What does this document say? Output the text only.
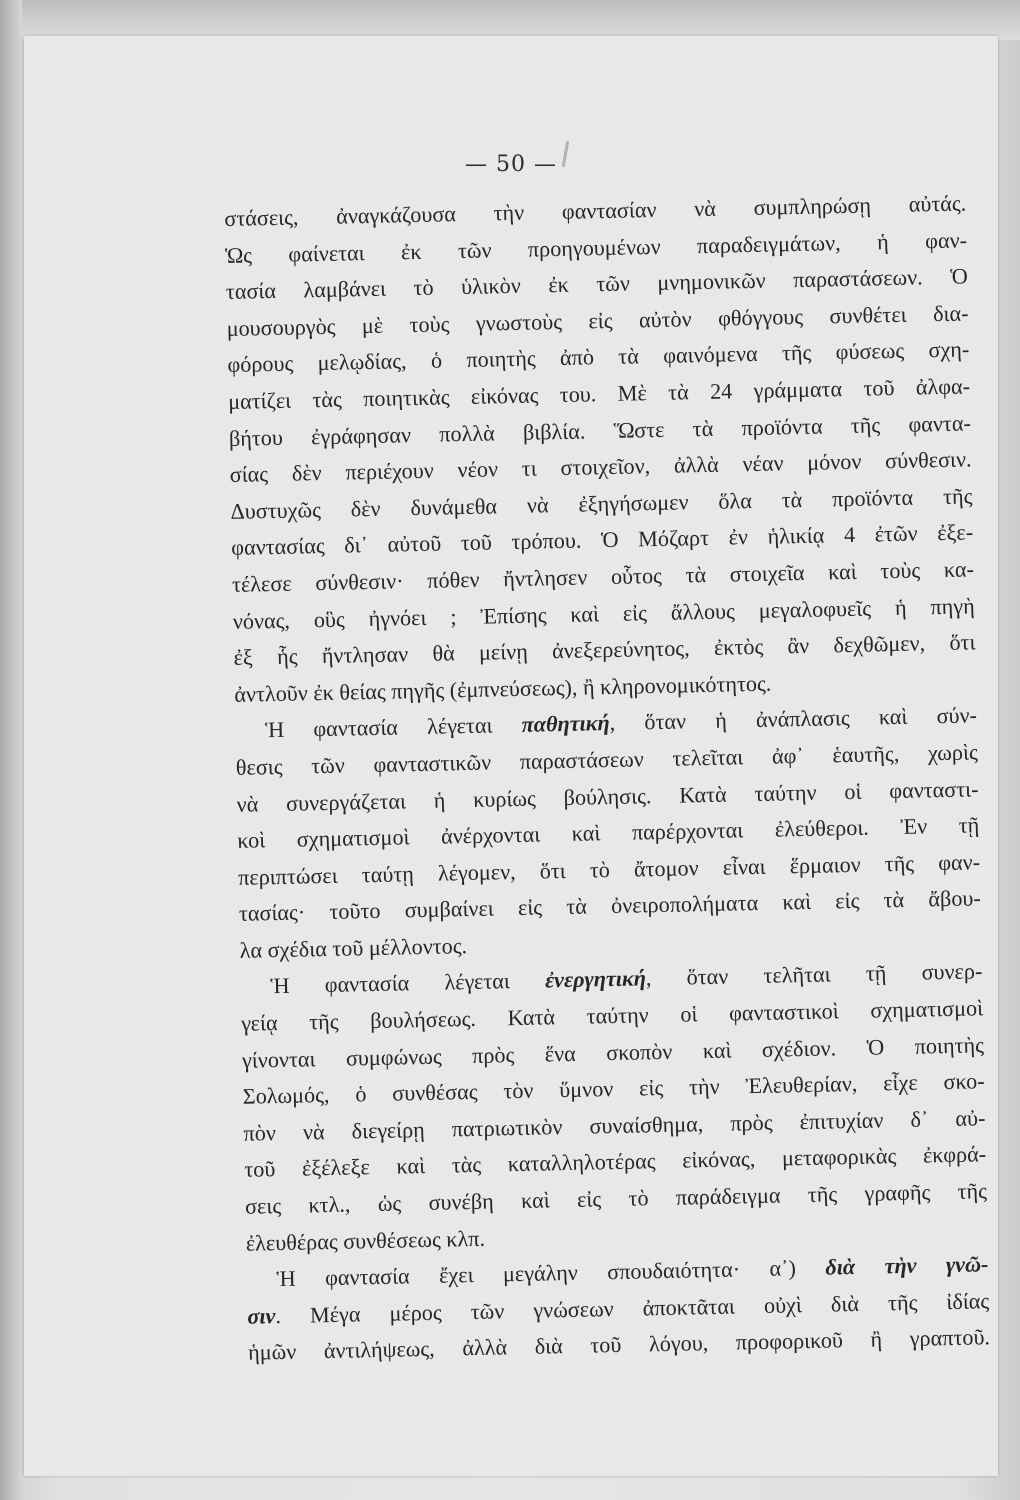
— 50 —
στάσεις, ἀναγκάζουσα τὴν φαντασίαν νὰ συμπληρώσῃ αὐτάς.
Ὡς φαίνεται ἐκ τῶν προηγουμένων παραδειγμάτων, ἡ φαν-
τασία λαμβάνει τὸ ὑλικὸν ἐκ τῶν μνημονικῶν παραστάσεων. Ὁ
μουσουργὸς μὲ τοὺς γνωστοὺς εἰς αὐτὸν φθόγγους συνθέτει δια-
φόρους μελῳδίας, ὁ ποιητὴς ἀπὸ τὰ φαινόμενα τῆς φύσεως σχη-
ματίζει τὰς ποιητικὰς εἰκόνας του. Μὲ τὰ 24 γράμματα τοῦ ἀλφα-
βήτου ἐγράφησαν πολλὰ βιβλία. Ὥστε τὰ προϊόντα τῆς φαντα-
σίας δὲν περιέχουν νέον τι στοιχεῖον, ἀλλὰ νέαν μόνον σύνθεσιν.
Δυστυχῶς δὲν δυνάμεθα νὰ ἐξηγήσωμεν ὅλα τὰ προϊόντα τῆς
φαντασίας δι᾿ αὐτοῦ τοῦ τρόπου. Ὁ Μόζαρτ ἐν ἡλικίᾳ 4 ἐτῶν ἐξε-
τέλεσε σύνθεσιν· πόθεν ἤντλησεν οὗτος τὰ στοιχεῖα καὶ τοὺς κα-
νόνας, οὓς ἠγνόει ; Ἐπίσης καὶ εἰς ἄλλους μεγαλοφυεῖς ἡ πηγὴ
ἐξ ἧς ἤντλησαν θὰ μείνῃ ἀνεξερεύνητος, ἐκτὸς ἂν δεχθῶμεν, ὅτι
ἀντλοῦν ἐκ θείας πηγῆς (ἐμπνεύσεως), ἢ κληρονομικότητος.
Ἡ φαντασία λέγεται παθητική, ὅταν ἡ ἀνάπλασις καὶ σύν-
θεσις τῶν φανταστικῶν παραστάσεων τελεῖται ἀφ᾿ ἑαυτῆς, χωρὶς
νὰ συνεργάζεται ἡ κυρίως βούλησις. Κατὰ ταύτην οἱ φανταστι-
κοὶ σχηματισμοὶ ἀνέρχονται καὶ παρέρχονται ἐλεύθεροι. Ἐν τῇ
περιπτώσει ταύτῃ λέγομεν, ὅτι τὸ ἄτομον εἶναι ἕρμαιον τῆς φαν-
τασίας· τοῦτο συμβαίνει εἰς τὰ ὀνειροπολήματα καὶ εἰς τὰ ἄβου-
λα σχέδια τοῦ μέλλοντος.
Ἡ φαντασία λέγεται ἐνεργητική, ὅταν τελῆται τῇ συνερ-
γείᾳ τῆς βουλήσεως. Κατὰ ταύτην οἱ φανταστικοὶ σχηματισμοὶ
γίνονται συμφώνως πρὸς ἕνα σκοπὸν καὶ σχέδιον. Ὁ ποιητὴς
Σολωμός, ὁ συνθέσας τὸν ὕμνον εἰς τὴν Ἐλευθερίαν, εἶχε σκο-
πὸν νὰ διεγείρῃ πατριωτικὸν συναίσθημα, πρὸς ἐπιτυχίαν δ᾿ αὐ-
τοῦ ἐξέλεξε καὶ τὰς καταλληλοτέρας εἰκόνας, μεταφορικὰς ἐκφρά-
σεις κτλ., ὡς συνέβη καὶ εἰς τὸ παράδειγμα τῆς γραφῆς τῆς
ἐλευθέρας συνθέσεως κλπ.
Ἡ φαντασία ἔχει μεγάλην σπουδαιότητα· α᾿) διὰ τὴν γνῶ-
σιν. Μέγα μέρος τῶν γνώσεων ἀποκτᾶται οὐχὶ διὰ τῆς ἰδίας
ἡμῶν ἀντιλήψεως, ἀλλὰ διὰ τοῦ λόγου, προφορικοῦ ἢ γραπτοῦ.
